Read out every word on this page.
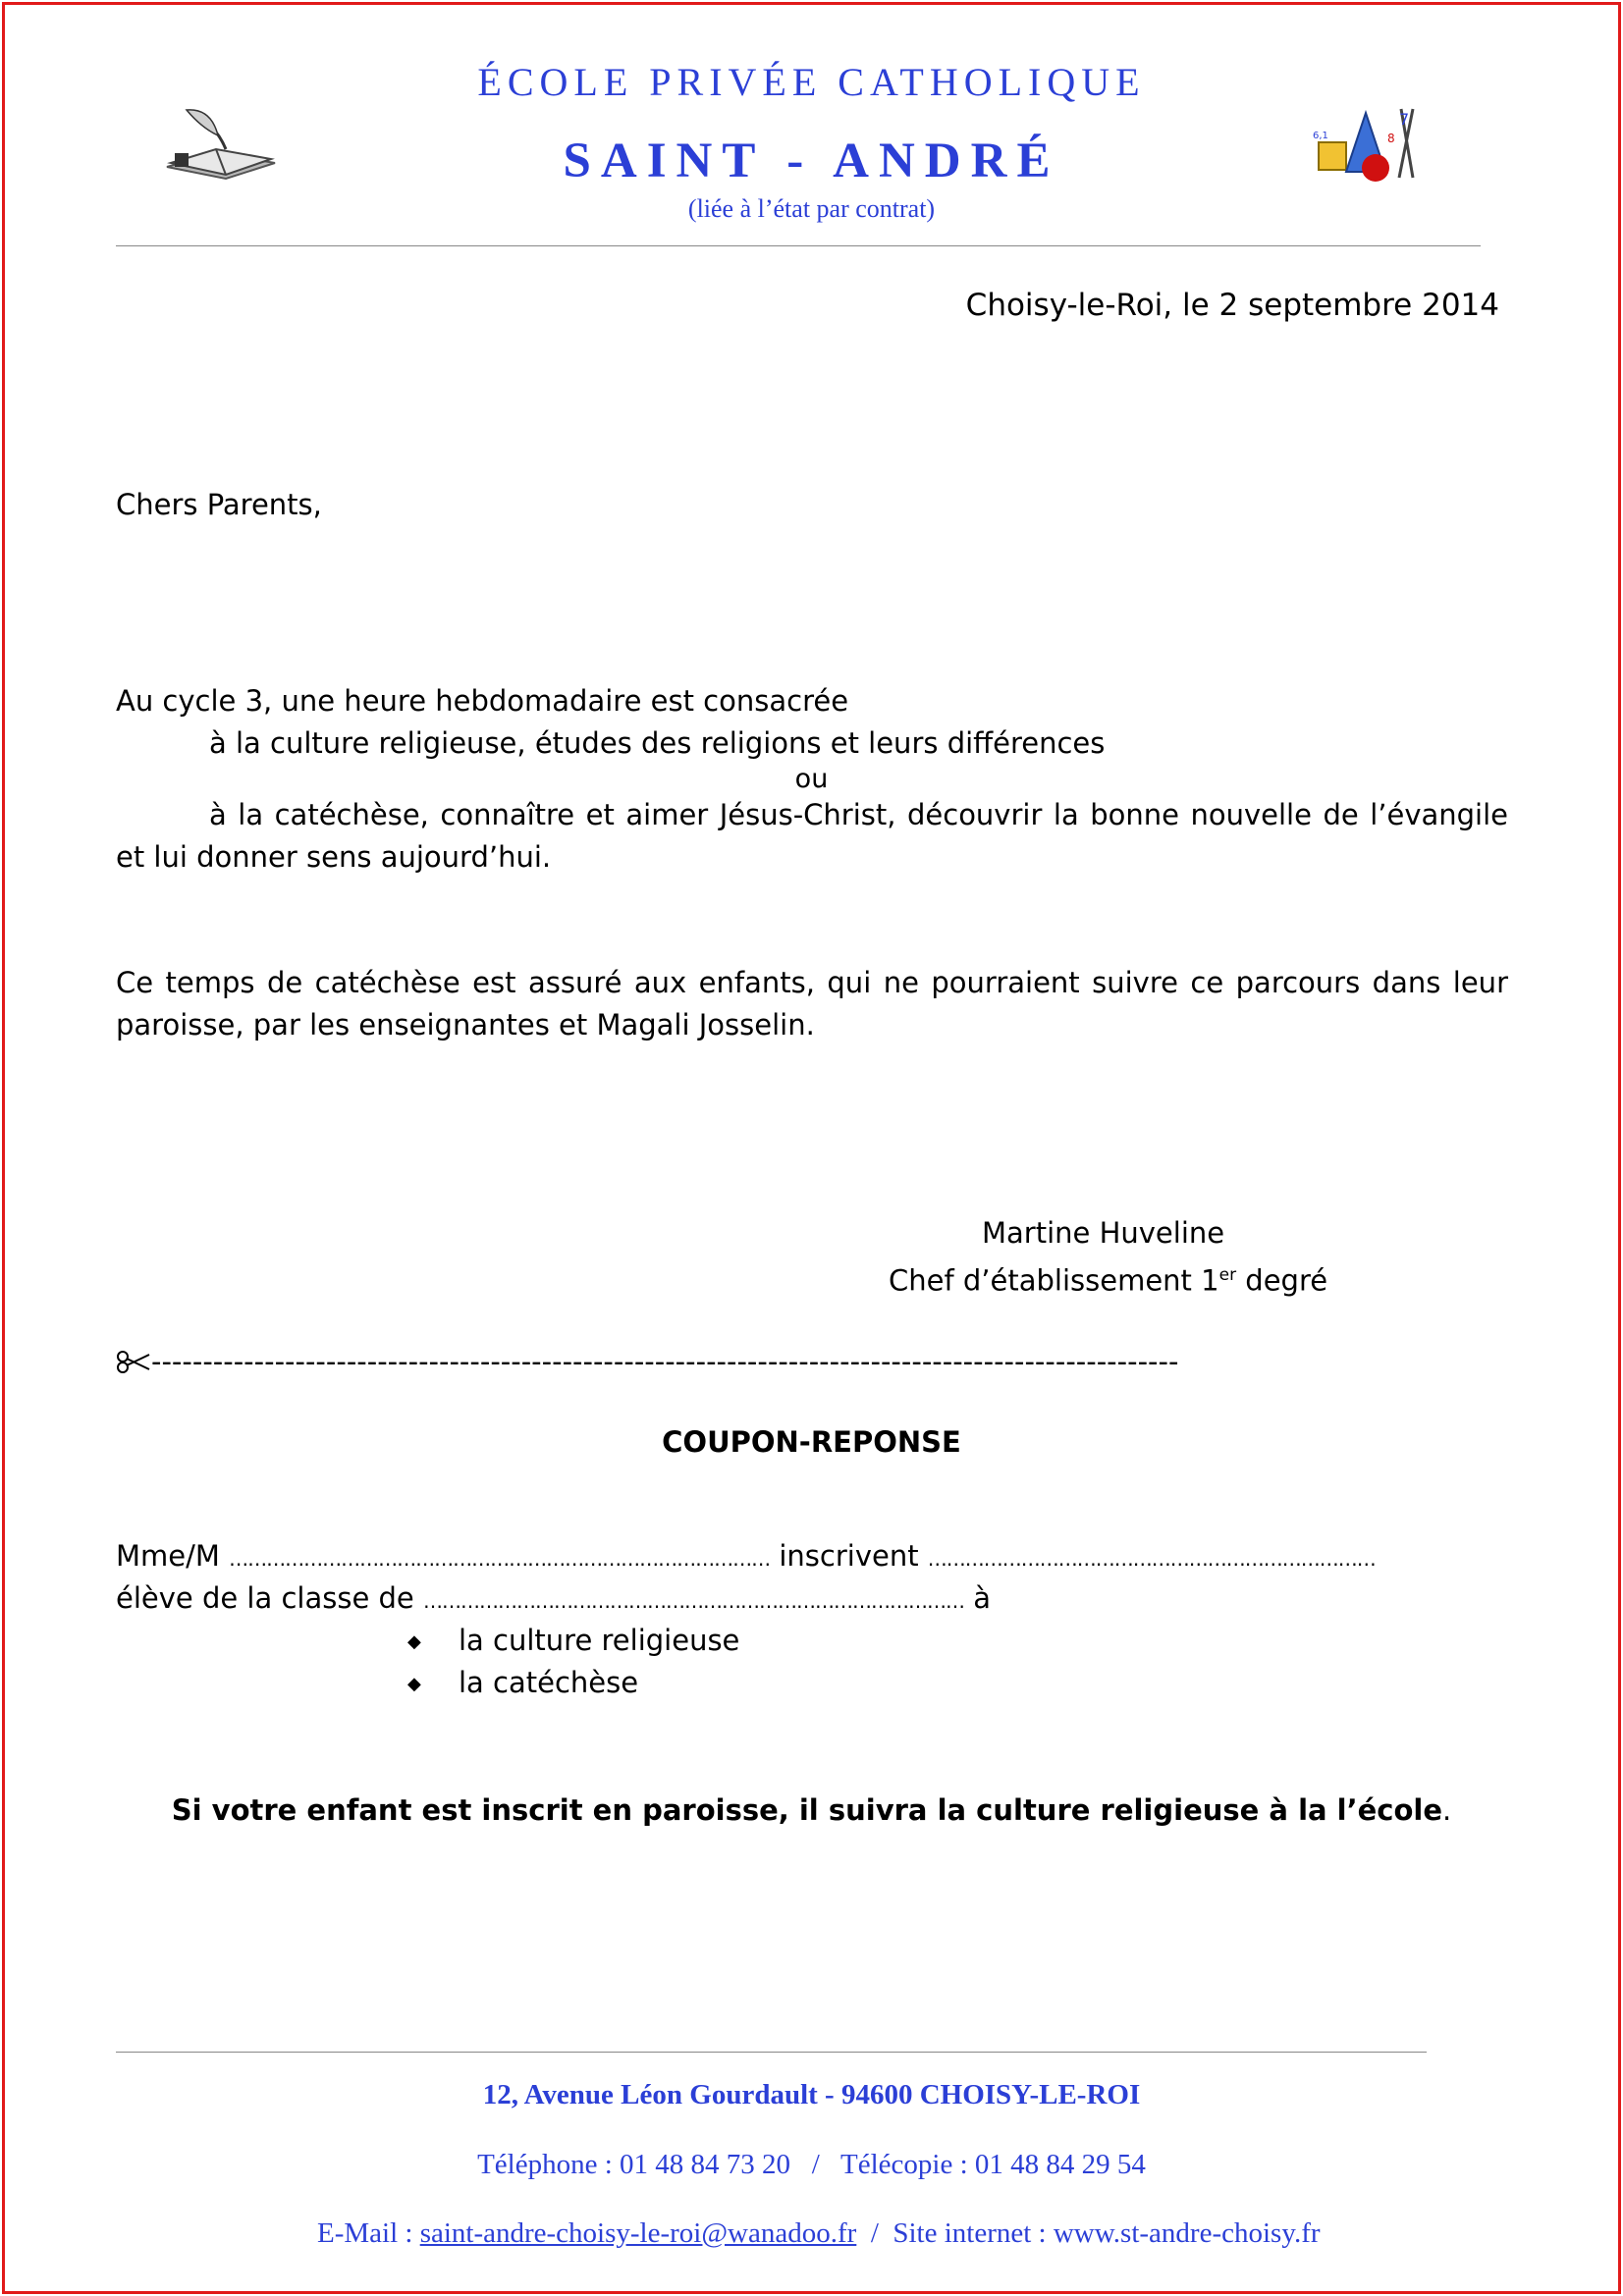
7
8
6,1
ÉCOLE PRIVÉE CATHOLIQUE
SAINT - ANDRÉ
(liée à l’état par contrat)
Choisy-le-Roi, le 2 septembre 2014
Chers Parents,
Au cycle 3, une heure hebdomadaire est consacrée
à la culture religieuse, études des religions et leurs différences
ou
à la catéchèse, connaître et aimer Jésus-Christ, découvrir la bonne nouvelle de l’évangile et lui donner sens aujourd’hui.
Ce temps de catéchèse est assuré aux enfants, qui ne pourraient suivre ce parcours dans leur paroisse, par les enseignantes et Magali Josselin.
Martine Huveline
Chef d’établissement 1er degré
----------------------------------------------------------------------------------------------------
COUPON-REPONSE
Mme/M …………………………………………………………………………… inscrivent ………………………………………………………………
élève de la classe de …………………………………………………………………………… à
◆ la culture religieuse
◆ la catéchèse
Si votre enfant est inscrit en paroisse, il suivra la culture religieuse à la l’école.
12, Avenue Léon Gourdault - 94600 CHOISY-LE-ROI
Téléphone : 01 48 84 73 20   /   Télécopie : 01 48 84 29 54

E-Mail : saint-andre-choisy-le-roi@wanadoo.fr  /  Site internet : www.st-andre-choisy.fr
